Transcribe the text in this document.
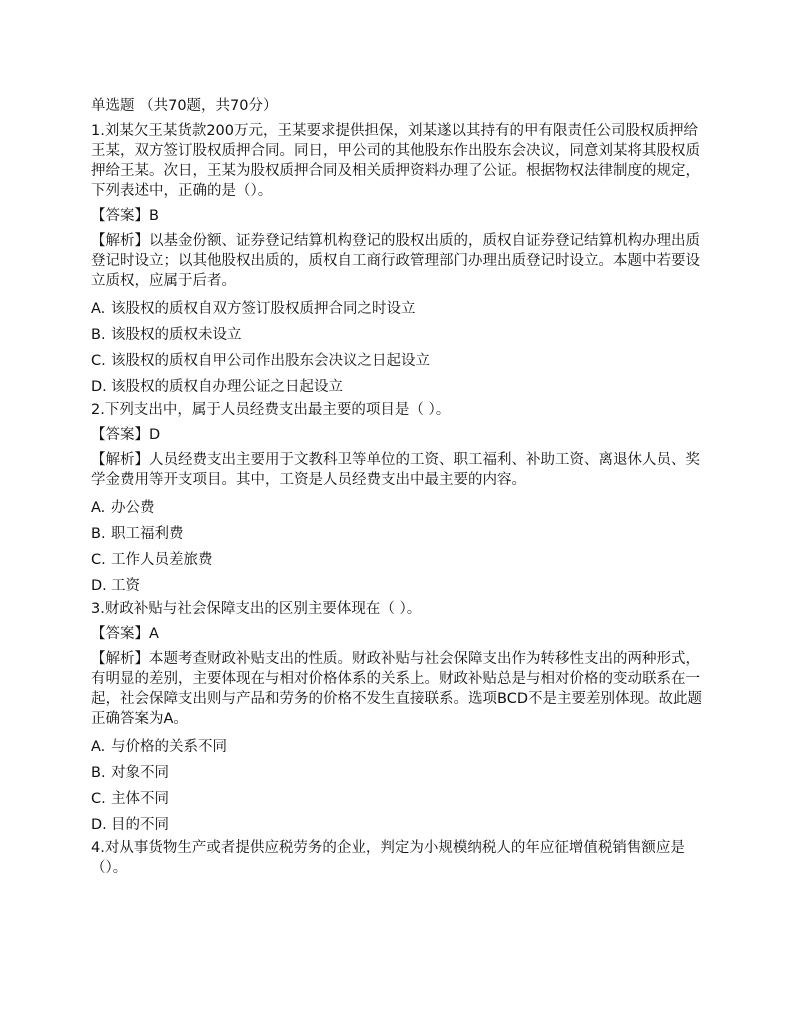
单选题 （共70题，共70分）

1.刘某欠王某货款200万元，王某要求提供担保，刘某遂以其持有的甲有限责任公司股权质押给王某，双方签订股权质押合同。同日，甲公司的其他股东作出股东会决议，同意刘某将其股权质押给王某。次日，王某为股权质押合同及相关质押资料办理了公证。根据物权法律制度的规定，下列表述中，正确的是（）。

【答案】B

【解析】以基金份额、证券登记结算机构登记的股权出质的，质权自证券登记结算机构办理出质登记时设立；以其他股权出质的，质权自工商行政管理部门办理出质登记时设立。本题中若要设立质权，应属于后者。

A. 该股权的质权自双方签订股权质押合同之时设立
B. 该股权的质权未设立
C. 该股权的质权自甲公司作出股东会决议之日起设立
D. 该股权的质权自办理公证之日起设立

2.下列支出中，属于人员经费支出最主要的项目是（ ）。

【答案】D

【解析】人员经费支出主要用于文教科卫等单位的工资、职工福利、补助工资、离退休人员、奖学金费用等开支项目。其中，工资是人员经费支出中最主要的内容。

A. 办公费
B. 职工福利费
C. 工作人员差旅费
D. 工资

3.财政补贴与社会保障支出的区别主要体现在（ ）。

【答案】A

【解析】本题考查财政补贴支出的性质。财政补贴与社会保障支出作为转移性支出的两种形式，有明显的差别，主要体现在与相对价格体系的关系上。财政补贴总是与相对价格的变动联系在一起，社会保障支出则与产品和劳务的价格不发生直接联系。选项BCD不是主要差别体现。故此题正确答案为A。

A. 与价格的关系不同
B. 对象不同
C. 主体不同
D. 目的不同

4.对从事货物生产或者提供应税劳务的企业，判定为小规模纳税人的年应征增值税销售额应是（）。
